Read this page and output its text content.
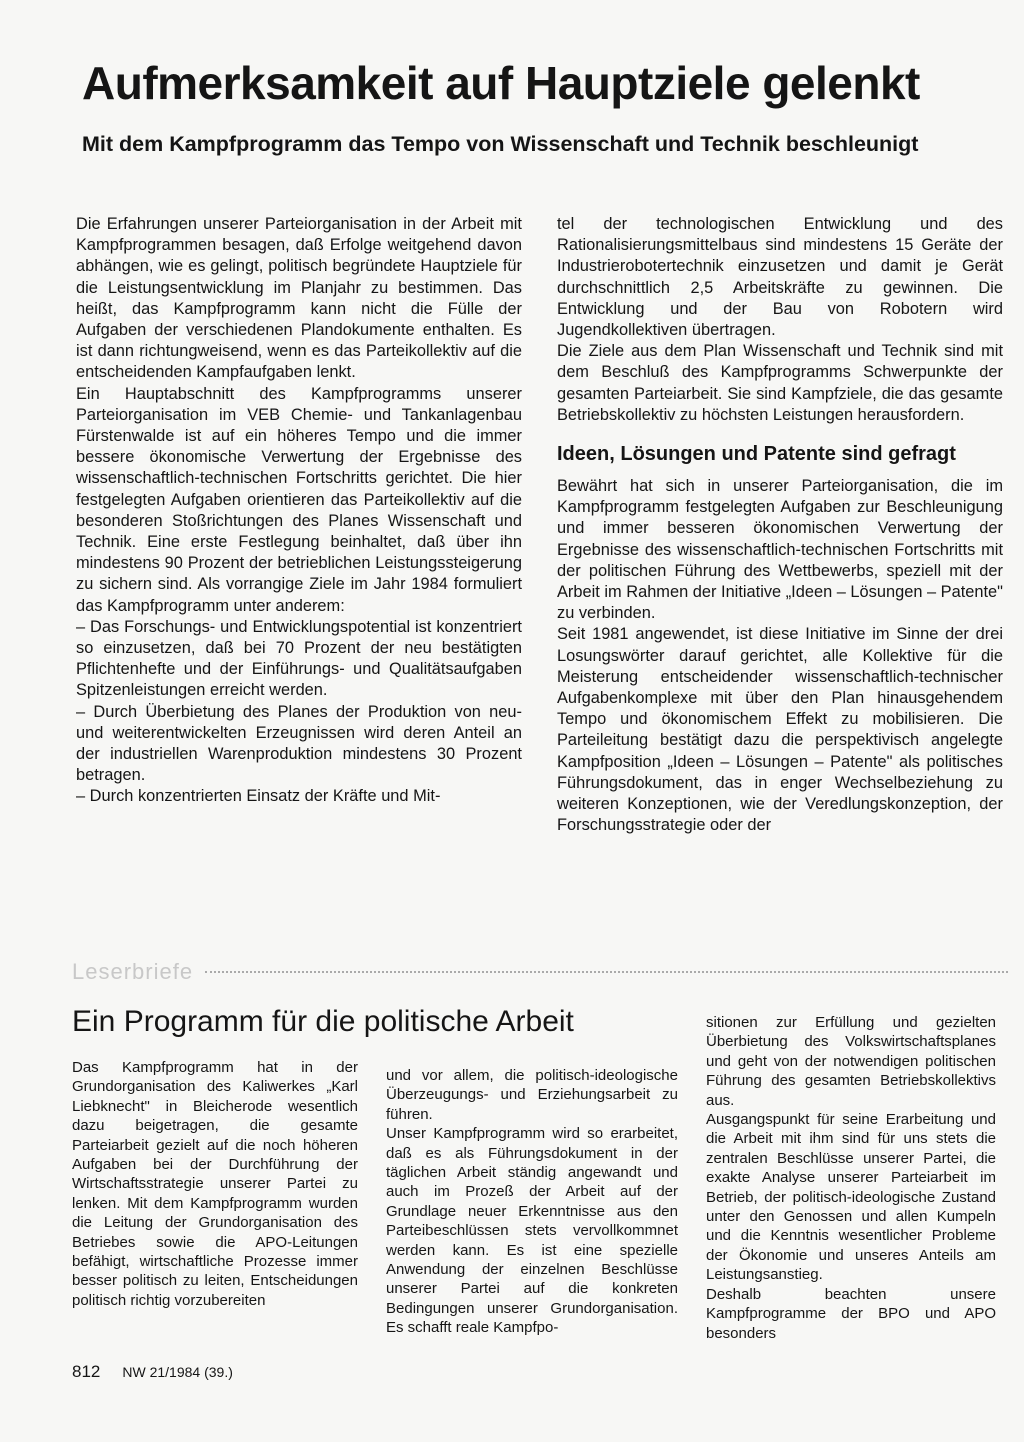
Aufmerksamkeit auf Hauptziele gelenkt
Mit dem Kampfprogramm das Tempo von Wissenschaft und Technik beschleunigt

Die Erfahrungen unserer Parteiorganisation in der Arbeit mit Kampfprogrammen besagen, daß Erfolge weitgehend davon abhängen, wie es gelingt, politisch begründete Hauptziele für die Leistungsentwicklung im Planjahr zu bestimmen. Das heißt, das Kampfprogramm kann nicht die Fülle der Aufgaben der verschiedenen Plandokumente enthalten. Es ist dann richtungweisend, wenn es das Parteikollektiv auf die entscheidenden Kampfaufgaben lenkt.

Ein Hauptabschnitt des Kampfprogramms unserer Parteiorganisation im VEB Chemie- und Tankanlagenbau Fürstenwalde ist auf ein höheres Tempo und die immer bessere ökonomische Verwertung der Ergebnisse des wissenschaftlich-technischen Fortschritts gerichtet. Die hier festgelegten Aufgaben orientieren das Parteikollektiv auf die besonderen Stoßrichtungen des Planes Wissenschaft und Technik. Eine erste Festlegung beinhaltet, daß über ihn mindestens 90 Prozent der betrieblichen Leistungssteigerung zu sichern sind. Als vorrangige Ziele im Jahr 1984 formuliert das Kampfprogramm unter anderem:

– Das Forschungs- und Entwicklungspotential ist konzentriert so einzusetzen, daß bei 70 Prozent der neu bestätigten Pflichtenhefte und der Einführungs- und Qualitätsaufgaben Spitzenleistungen erreicht werden.

– Durch Überbietung des Planes der Produktion von neu- und weiterentwickelten Erzeugnissen wird deren Anteil an der industriellen Warenproduktion mindestens 30 Prozent betragen.

– Durch konzentrierten Einsatz der Kräfte und Mit-

tel der technologischen Entwicklung und des Rationalisierungsmittelbaus sind mindestens 15 Geräte der Industrierobotertechnik einzusetzen und damit je Gerät durchschnittlich 2,5 Arbeitskräfte zu gewinnen. Die Entwicklung und der Bau von Robotern wird Jugendkollektiven übertragen.

Die Ziele aus dem Plan Wissenschaft und Technik sind mit dem Beschluß des Kampfprogramms Schwerpunkte der gesamten Parteiarbeit. Sie sind Kampfziele, die das gesamte Betriebskollektiv zu höchsten Leistungen herausfordern.

Ideen, Lösungen und Patente sind gefragt

Bewährt hat sich in unserer Parteiorganisation, die im Kampfprogramm festgelegten Aufgaben zur Beschleunigung und immer besseren ökonomischen Verwertung der Ergebnisse des wissenschaftlich-technischen Fortschritts mit der politischen Führung des Wettbewerbs, speziell mit der Arbeit im Rahmen der Initiative „Ideen – Lösungen – Patente" zu verbinden.

Seit 1981 angewendet, ist diese Initiative im Sinne der drei Losungswörter darauf gerichtet, alle Kollektive für die Meisterung entscheidender wissenschaftlich-technischer Aufgabenkomplexe mit über den Plan hinausgehendem Tempo und ökonomischem Effekt zu mobilisieren. Die Parteileitung bestätigt dazu die perspektivisch angelegte Kampfposition „Ideen – Lösungen – Patente" als politisches Führungsdokument, das in enger Wechselbeziehung zu weiteren Konzeptionen, wie der Veredlungskonzeption, der Forschungsstrategie oder der

Leserbriefe
Ein Programm für die politische Arbeit

Das Kampfprogramm hat in der Grundorganisation des Kaliwerkes „Karl Liebknecht" in Bleicherode wesentlich dazu beigetragen, die gesamte Parteiarbeit gezielt auf die noch höheren Aufgaben bei der Durchführung der Wirtschaftsstrategie unserer Partei zu lenken. Mit dem Kampfprogramm wurden die Leitung der Grundorganisation des Betriebes sowie die APO-Leitungen befähigt, wirtschaftliche Prozesse immer besser politisch zu leiten, Entscheidungen politisch richtig vorzubereiten

und vor allem, die politisch-ideologische Überzeugungs- und Erziehungsarbeit zu führen.

Unser Kampfprogramm wird so erarbeitet, daß es als Führungsdokument in der täglichen Arbeit ständig angewandt und auch im Prozeß der Arbeit auf der Grundlage neuer Erkenntnisse aus den Parteibeschlüssen stets vervollkommnet werden kann. Es ist eine spezielle Anwendung der einzelnen Beschlüsse unserer Partei auf die konkreten Bedingungen unserer Grundorganisation. Es schafft reale Kampfpo-

sitionen zur Erfüllung und gezielten Überbietung des Volkswirtschaftsplanes und geht von der notwendigen politischen Führung des gesamten Betriebskollektivs aus.

Ausgangspunkt für seine Erarbeitung und die Arbeit mit ihm sind für uns stets die zentralen Beschlüsse unserer Partei, die exakte Analyse unserer Parteiarbeit im Betrieb, der politisch-ideologische Zustand unter den Genossen und allen Kumpeln und die Kenntnis wesentlicher Probleme der Ökonomie und unseres Anteils am Leistungsanstieg.

Deshalb beachten unsere Kampfprogramme der BPO und APO besonders

812 NW 21/1984 (39.)
